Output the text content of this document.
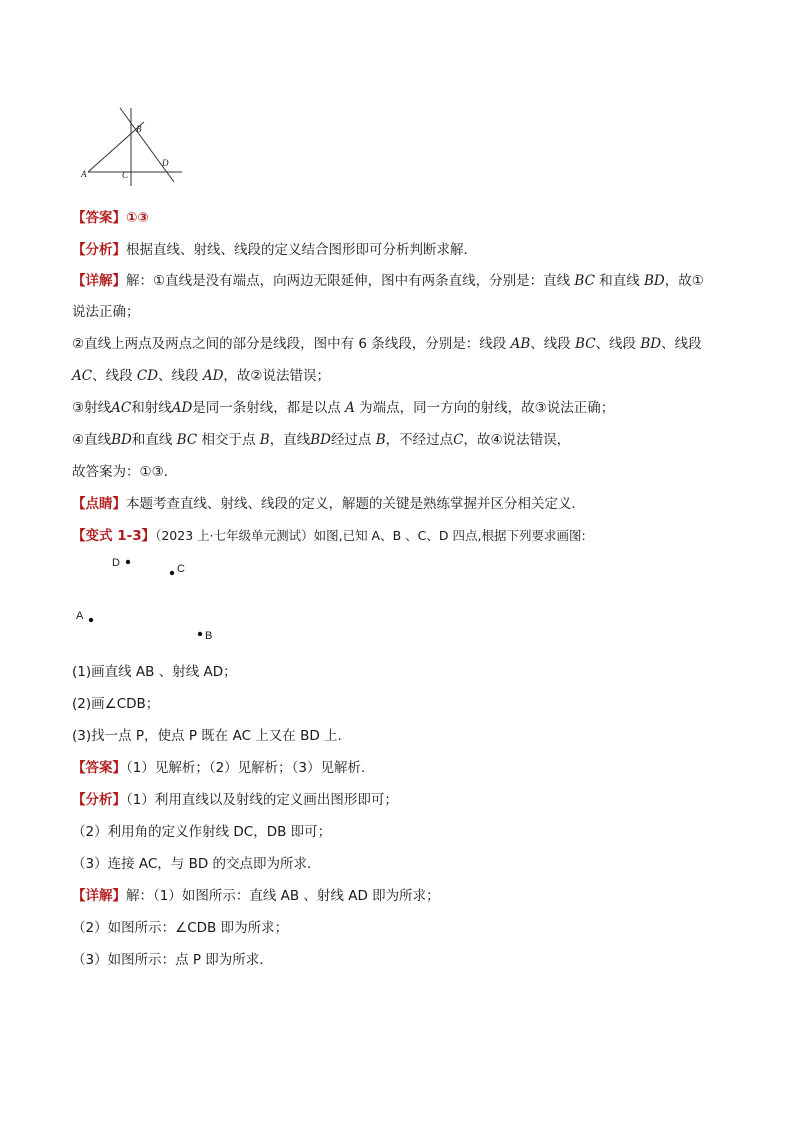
A
B
C
D
【答案】①③
【分析】根据直线、射线、线段的定义结合图形即可分析判断求解．
【详解】解：①直线是没有端点，向两边无限延伸，图中有两条直线，分别是：直线 BC 和直线 BD，故①
说法正确；
②直线上两点及两点之间的部分是线段，图中有 6 条线段，分别是：线段 AB、线段 BC、线段 BD、线段
AC、线段 CD、线段 AD，故②说法错误；
③射线AC和射线AD是同一条射线，都是以点 A 为端点，同一方向的射线，故③说法正确；
④直线BD和直线 BC 相交于点 B，直线BD经过点 B，不经过点C，故④说法错误，
故答案为：①③．
【点睛】本题考查直线、射线、线段的定义，解题的关键是熟练掌握并区分相关定义．
【变式 1-3】（2023 上·七年级单元测试）如图,已知 A、B 、C、D 四点,根据下列要求画图:
D	C
A
B
(1)画直线 AB 、射线 AD；
(2)画∠CDB；
(3)找一点 P，使点 P 既在 AC 上又在 BD 上.
【答案】（1）见解析；（2）见解析；（3）见解析.
【分析】（1）利用直线以及射线的定义画出图形即可；
（2）利用角的定义作射线 DC，DB 即可；
（3）连接 AC，与 BD 的交点即为所求．
【详解】解：（1）如图所示：直线 AB 、射线 AD 即为所求；
（2）如图所示：∠CDB 即为所求；
（3）如图所示：点 P 即为所求．
